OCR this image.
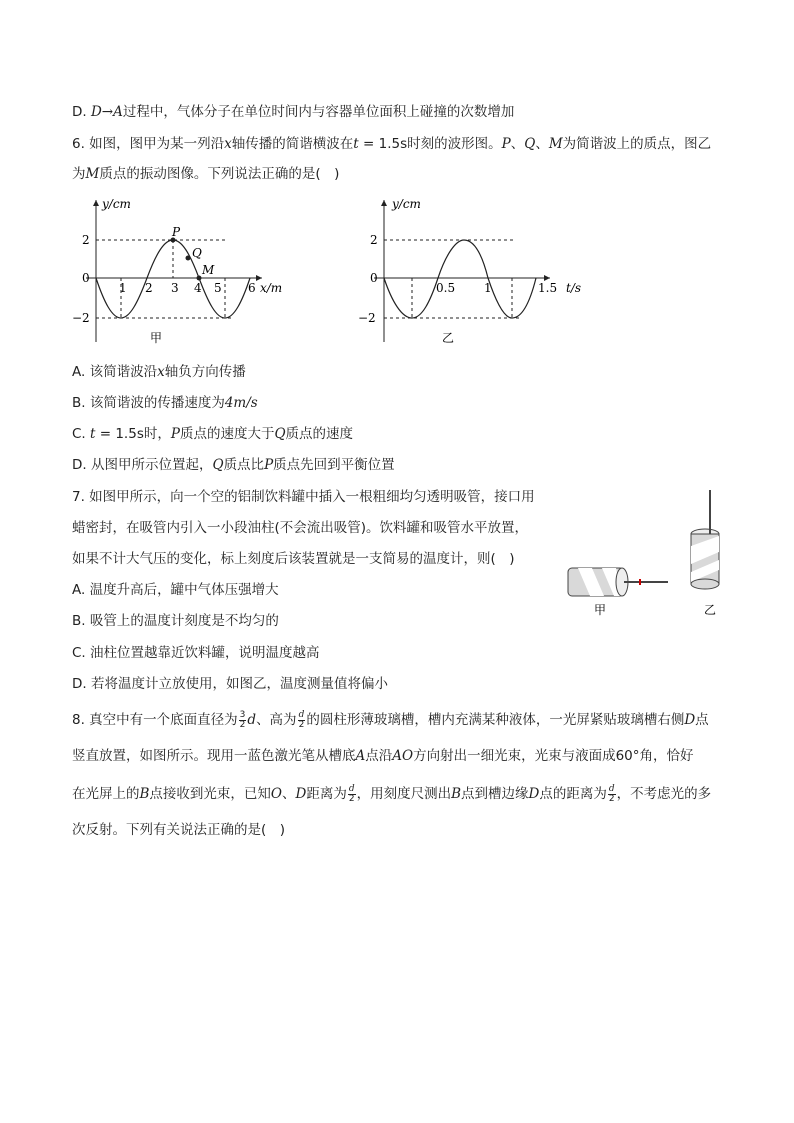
D. D→A过程中，气体分子在单位时间内与容器单位面积上碰撞的次数增加
6. 如图，图甲为某一列沿x轴传播的简谐横波在t = 1.5s时刻的波形图。P、Q、M为简谐波上的质点，图乙
为M质点的振动图像。下列说法正确的是(　)
y/cm
2
0
−2
1 2 3 4 5 6 x/m
P
Q
M
甲
y/cm
2
0
−2
0.5 1	1.5 t/s
乙
A. 该简谐波沿x轴负方向传播
B. 该简谐波的传播速度为4m/s
C. t = 1.5s时，P质点的速度大于Q质点的速度
D. 从图甲所示位置起，Q质点比P质点先回到平衡位置
7. 如图甲所示，向一个空的铝制饮料罐中插入一根粗细均匀透明吸管，接口用
蜡密封，在吸管内引入一小段油柱(不会流出吸管)。饮料罐和吸管水平放置，
如果不计大气压的变化，标上刻度后该装置就是一支简易的温度计，则(　)
A. 温度升高后，罐中气体压强增大
B. 吸管上的温度计刻度是不均匀的
C. 油柱位置越靠近饮料罐，说明温度越高
D. 若将温度计立放使用，如图乙，温度测量值将偏小
甲	乙
8. 真空中有一个底面直径为 $\frac{3}{2}$ d、高为 $\frac{d}{2}$ 的圆柱形薄玻璃槽，槽内充满某种液体，一光屏紧贴玻璃槽右侧D点
竖直放置，如图所示。现用一蓝色激光笔从槽底A点沿AO方向射出一细光束，光束与液面成60°角，恰好
在光屏上的B点接收到光束，已知O、D距离为 $\frac{d}{2}$ ，用刻度尺测出B点到槽边缘D点的距离为 $\frac{d}{2}$ ，不考虑光的多
次反射。下列有关说法正确的是(　)
